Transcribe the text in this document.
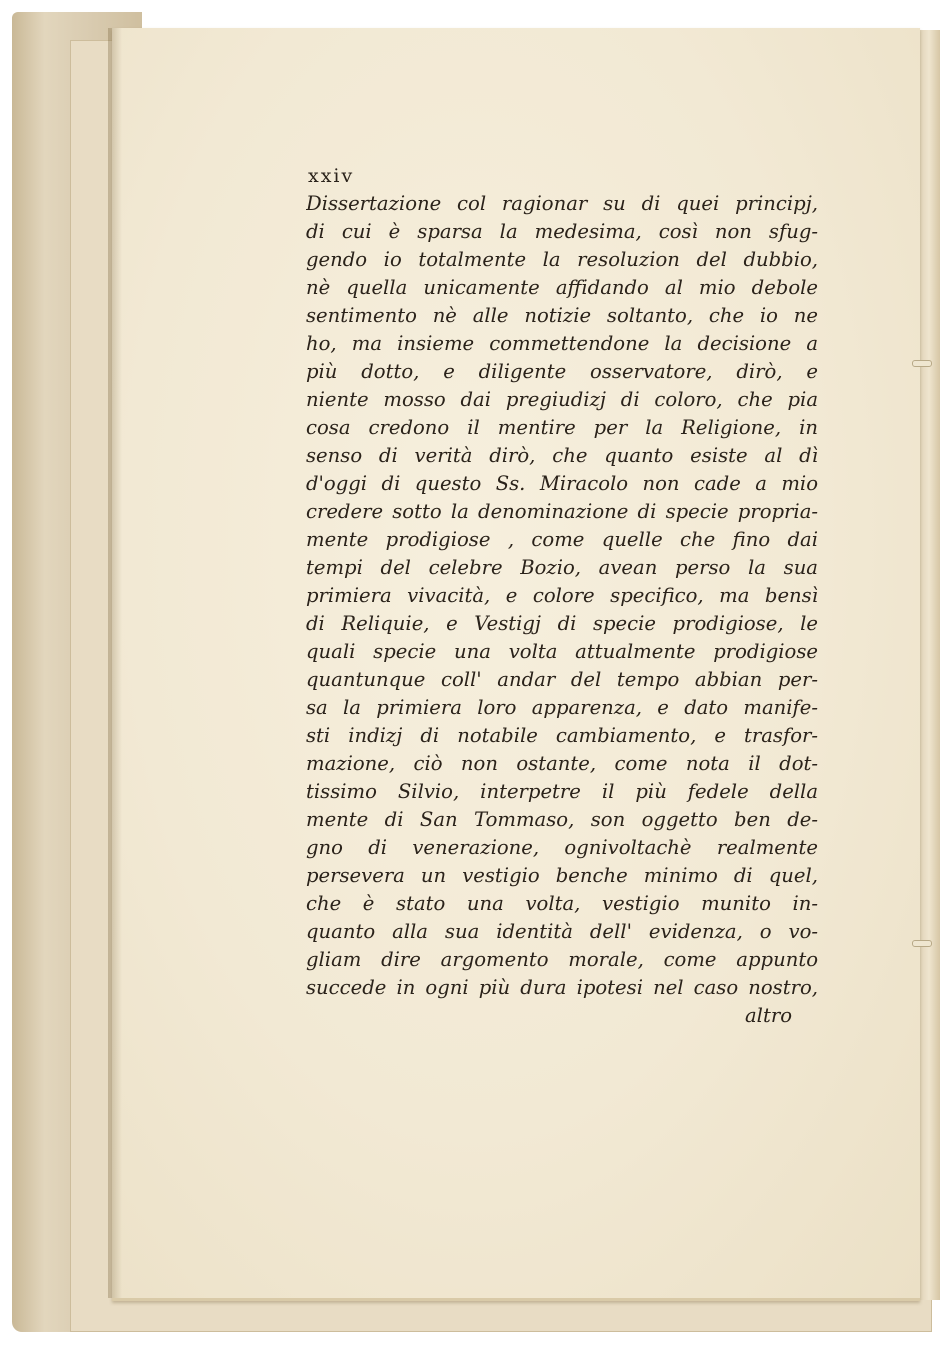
xxiv
Dissertazione col ragionar su di quei principj,
di cui è sparsa la medesima, così non sfug-
gendo io totalmente la resoluzion del dubbio,
nè quella unicamente affidando al mio debole
sentimento nè alle notizie soltanto, che io ne
ho, ma insieme commettendone la decisione a
più dotto, e diligente osservatore, dirò, e
niente mosso dai pregiudizj di coloro, che pia
cosa credono il mentire per la Religione, in
senso di verità dirò, che quanto esiste al dì
d'oggi di questo Ss. Miracolo non cade a mio
credere sotto la denominazione di specie propria-
mente prodigiose , come quelle che fino dai
tempi del celebre Bozio, avean perso la sua
primiera vivacità, e colore specifico, ma bensì
di Reliquie, e Vestigj di specie prodigiose, le
quali specie una volta attualmente prodigiose
quantunque coll' andar del tempo abbian per-
sa la primiera loro apparenza, e dato manife-
sti indizj di notabile cambiamento, e trasfor-
mazione, ciò non ostante, come nota il dot-
tissimo Silvio, interpetre il più fedele della
mente di San Tommaso, son oggetto ben de-
gno di venerazione, ognivoltachè realmente
persevera un vestigio benche minimo di quel,
che è stato una volta, vestigio munito in-
quanto alla sua identità dell' evidenza, o vo-
gliam dire argomento morale, come appunto
succede in ogni più dura ipotesi nel caso nostro,
altro
